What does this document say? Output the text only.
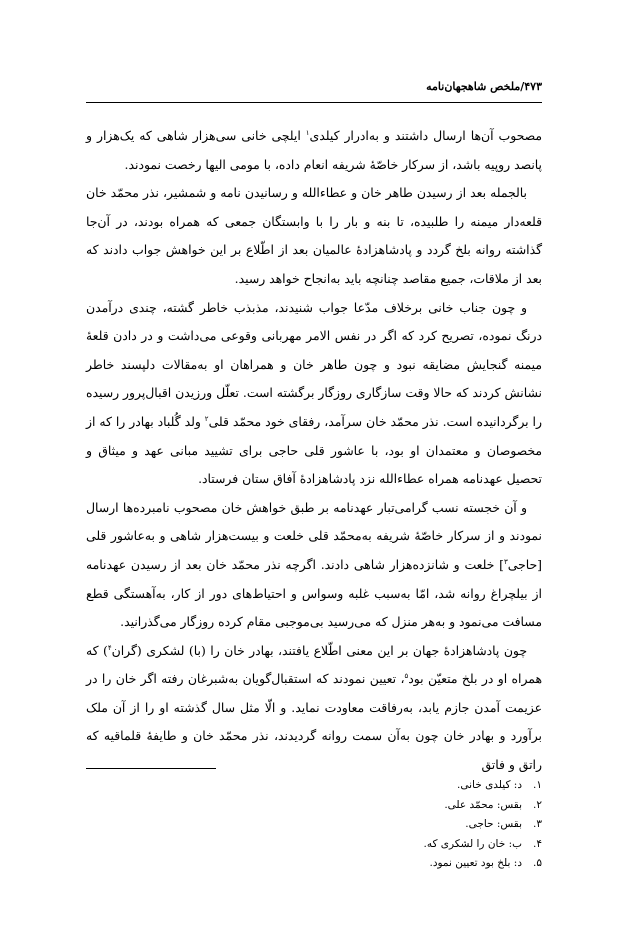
۴۷۳/ملخص شاهجهان‌نامه

مصحوب آن‌ها ارسال داشتند و به‌ادرار کیلدی$^۱$ ایلچی خانی سی‌هزار شاهی که یک‌هزار و پانصد روپیه باشد، از سرکار خاصّهٔ شریفه انعام داده، با مومی الیها رخصت نمودند.

بالجمله بعد از رسیدن طاهر خان و عطاءالله و رسانیدن نامه و شمشیر، نذر محمّد خان قلعه‌دار میمنه را طلبیده، تا بنه و بار را با وابستگان جمعی که همراه بودند، در آن‌جا گذاشته روانه بلخ گردد و پادشاهزادهٔ عالمیان بعد از اطّلاع بر این خواهش جواب دادند که بعد از ملاقات، جمیع مقاصد چنانچه باید به‌انجاح خواهد رسید.

و چون جناب خانی برخلاف مدّعا جواب شنیدند، مذبذب خاطر گشته، چندی درآمدن درنگ نموده، تصریح کرد که اگر در نفس الامر مهربانی وقوعی می‌داشت و در دادن قلعهٔ میمنه گنجایش مضایقه نبود و چون طاهر خان و همراهان او به‌مقالات دلپسند خاطر نشانش کردند که حالا وقت سازگاری روزگار برگشته است. تعلّل ورزیدن اقبال‌پرور رسیده را برگردانیده است. نذر محمّد خان سرآمد، رفقای خود محمّد قلی$^۲$ ولد گُلباد بهادر را که از مخصوصان و معتمدان او بود، با عاشور قلی حاجی برای تشیید مبانی عهد و میثاق و تحصیل عهدنامه همراه عطاءالله نزد پادشاهزادهٔ آفاق ستان فرستاد.

و آن خجسته نسب گرامی‌تبار عهدنامه بر طبق خواهش خان مصحوب نامبرده‌ها ارسال نمودند و از سرکار خاصّهٔ شریفه به‌محمّد قلی خلعت و بیست‌هزار شاهی و به‌عاشور قلی [حاجی$^۳$] خلعت و شانزده‌هزار شاهی دادند. اگرچه نذر محمّد خان بعد از رسیدن عهدنامه از بیلچراغ روانه شد، امّا به‌سبب غلبه وسواس و احتیاط‌های دور از کار، به‌آهستگی قطع مسافت می‌نمود و به‌هر منزل که می‌رسید بی‌موجبی مقام کرده روزگار می‌گذرانید.

چون پادشاهزادهٔ جهان بر این معنی اطّلاع یافتند، بهادر خان را (با) لشکری (گران$^۴$) که همراه او در بلخ متعیّن بود$^۵$، تعیین نمودند که استقبال‌گویان به‌شبرغان رفته اگر خان را در عزیمت آمدن جازم یابد، به‌رفاقت معاودت نماید. و الّا مثل سال گذشته او را از آن ملک برآورد و بهادر خان چون به‌آن سمت روانه گردیدند، نذر محمّد خان و طایفهٔ قلماقیه که راتق و فاتق

۱.
د: کیلدی خانی.
۲.
بقس: محمّد علی.
۳.
بقس: حاجی.
۴.
ب: خان را لشکری که.
۵.
د: بلخ بود تعیین نمود.
